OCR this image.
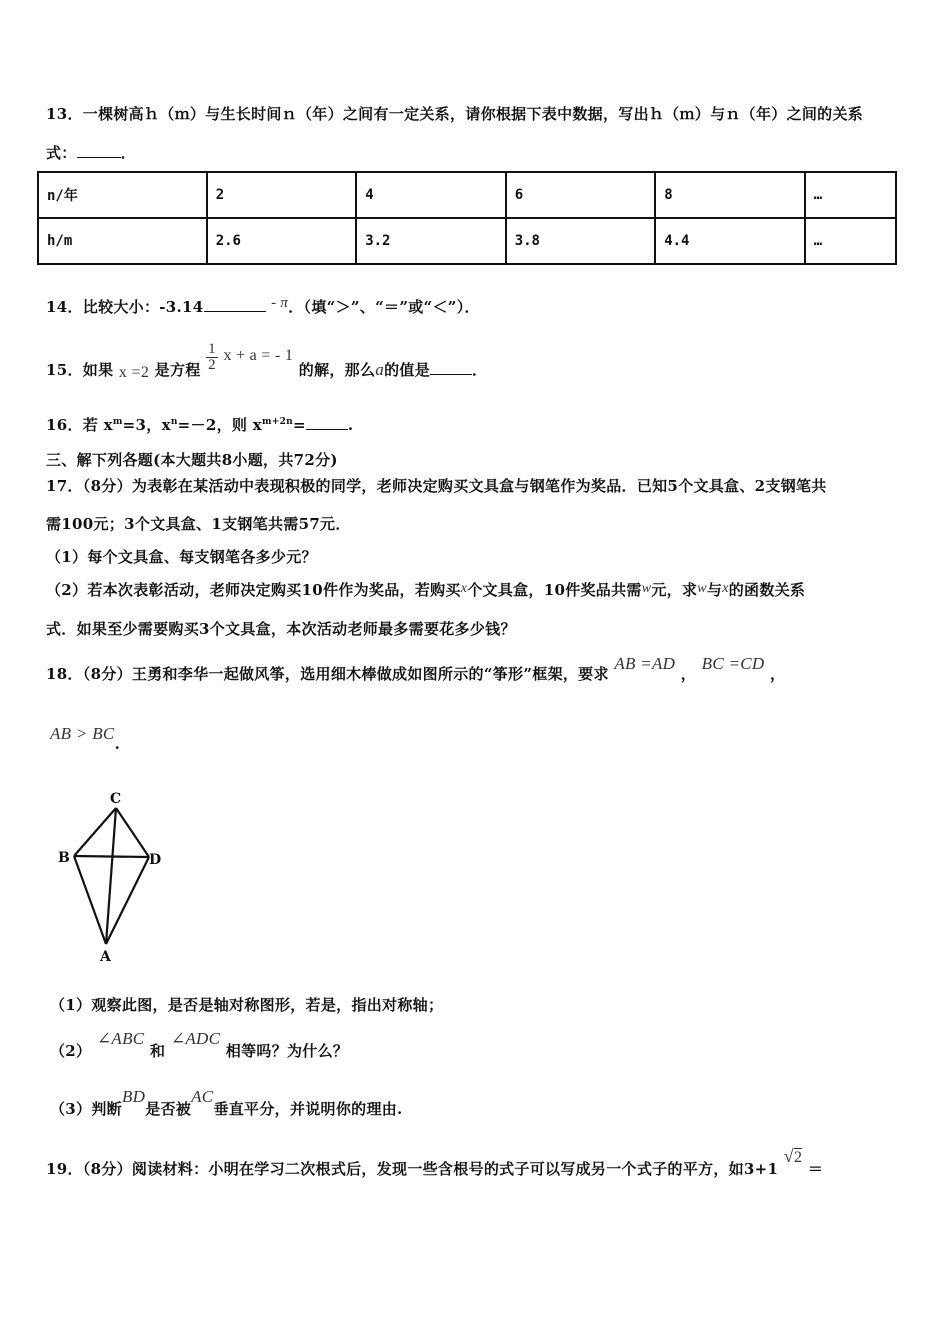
13．一棵树高ｈ（ｍ）与生长时间ｎ（年）之间有一定关系，请你根据下表中数据，写出ｈ（ｍ）与ｎ（年）之间的关系
式：	．
n/年	2	4	6	8	…
h/m	2.6	3.2	3.8	4.4	…
14．比较大小：-3.14	- π．（填“＞”、“＝”或“＜”）．
15．如果 x =2 是方程 $\frac{1}{2}$ x + a = - 1 的解，那么a的值是	．
16．若 $x^m=3$，$x^n=-2$，则 $x^{m+2n}=$	.
三、解下列各题(本大题共8小题，共72分)
17．（8分）为表彰在某活动中表现积极的同学，老师决定购买文具盒与钢笔作为奖品．已知5个文具盒、2支钢笔共
需100元；3个文具盒、1支钢笔共需57元．
（1）每个文具盒、每支钢笔各多少元？
（2）若本次表彰活动，老师决定购买10件作为奖品，若购买x个文具盒，10件奖品共需w元，求w与x的函数关系
式．如果至少需要购买3个文具盒，本次活动老师最多需要花多少钱？
18．（8分）王勇和李华一起做风筝，选用细木棒做成如图所示的“筝形”框架，要求 AB =AD ， BC =CD ，
AB > BC.
C
B	D
A
（1）观察此图，是否是轴对称图形，若是，指出对称轴；
（2） ∠ABC 和 ∠ADC 相等吗？为什么？
（3）判断BD是否被AC垂直平分，并说明你的理由.
19．（8分）阅读材料：小明在学习二次根式后，发现一些含根号的式子可以写成另一个式子的平方，如3+1 √2 ＝
